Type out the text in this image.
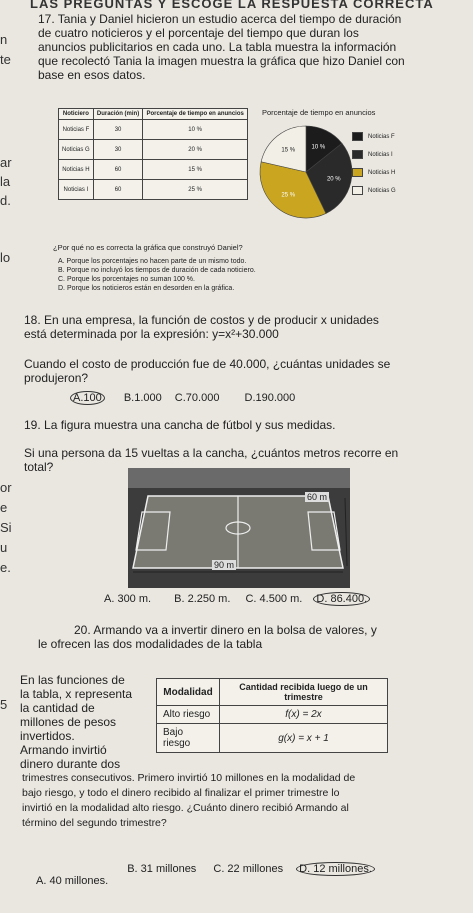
LAS PREGUNTAS Y ESCOGE LA RESPUESTA CORRECTA
n
te
ar
la
d.
lo
or
e
Si
u
e.
5
17. Tania y Daniel hicieron un estudio acerca del tiempo de duración
de cuatro noticieros y el porcentaje del tiempo que duran los
anuncios publicitarios en cada uno. La tabla muestra la información
que recolectó Tania la imagen muestra la gráfica que hizo Daniel con
base en esos datos.
Noticiero	Duración (min)	Porcentaje de tiempo en anuncios
Noticias F	30	10 %
Noticias G	30	20 %
Noticias H	60	15 %
Noticias I	60	25 %
Porcentaje de tiempo en anuncios
10 %
20 %
25 %
15 %
Noticias F
Noticias I
Noticias H
Noticias G
¿Por qué no es correcta la gráfica que construyó Daniel?
A. Porque los porcentajes no hacen parte de un mismo todo.
B. Porque no incluyó los tiempos de duración de cada noticiero.
C. Porque los porcentajes no suman 100 %.
D. Porque los noticieros están en desorden en la gráfica.
18. En una empresa, la función de costos y de producir x unidades
está determinada por la expresión: y=x²+30.000
Cuando el costo de producción fue de 40.000, ¿cuántas unidades se
produjeron?
A.100 B.1.000 C.70.000 D.190.000
19. La figura muestra una cancha de fútbol y sus medidas.
Si una persona da 15 vueltas a la cancha, ¿cuántos metros recorre en
total?
60 m
90 m
A. 300 m. B. 2.250 m. C. 4.500 m. D. 86.400.
20. Armando va a invertir dinero en la bolsa de valores, y
le ofrecen las dos modalidades de la tabla
En las funciones de
la tabla, x representa
la cantidad de
millones de pesos
invertidos.
Armando invirtió
dinero durante dos
Modalidad	Cantidad recibida luego de un trimestre
Alto riesgo	f(x) = 2x
Bajo riesgo	g(x) = x + 1
trimestres consecutivos. Primero invirtió 10 millones en la modalidad de
bajo riesgo, y todo el dinero recibido al finalizar el primer trimestre lo
invirtió en la modalidad alto riesgo. ¿Cuánto dinero recibió Armando al
término del segundo trimestre?
A. 40 millones. B. 31 millones C. 22 millones D. 12 millones.
